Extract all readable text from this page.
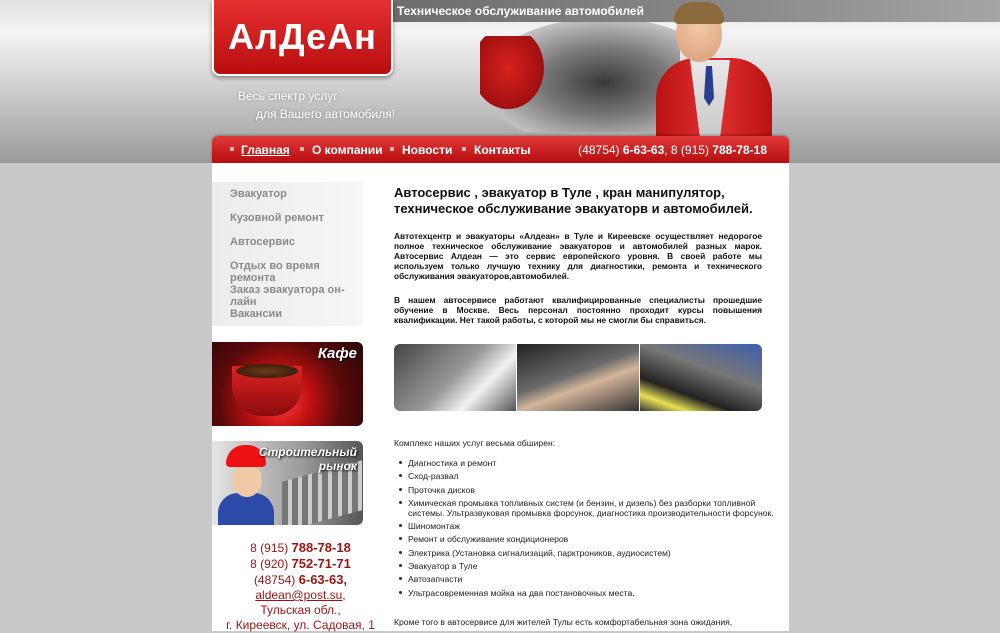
Техническое обслуживание автомобилей
АлДеАн
Весь спектр услуг
для Вашего автомобиля!
Главная О компании Новости Контакты	(48754) 6-63-63, 8 (915) 788-78-18
Эвакуатор
Кузовной ремонт
Автосервис
Отдых во время ремонта
Заказ эвакуатора он-лайн
Вакансии
Кафе
Строительный
рынок
8 (915) 788-78-18
8 (920) 752-71-71
(48754) 6-63-63,
aldean@post.su,
Тульская обл.,
г. Киреевск, ул. Садовая, 1

Автосервис , эвакуатор в Туле , кран манипулятор, техническое обслуживание эвакуаторв и автомобилей.

Автотехцентр и эвакуаторы «Алдеан» в Туле и Киреевске осуществляет недорогое полное техническое обслуживание эвакуаторов и автомобилей разных марок. Автосервис Алдеан — это сервис европейского уровня. В своей работе мы используем только лучшую технику для диагностики, ремонта и технического обслуживания эвакуаторов,автомобилей.

В нашем автосервисе работают квалифицированные специалисты прошедшие обучение в Москве. Весь персонал постоянно проходит курсы повышения квалификации. Нет такой работы, с которой мы не смогли бы справиться.

Комплекс наших услуг весьма обширен:
Диагностика и ремонт
Сход-развал
Проточка дисков
Химическая промывка топливных систем (и бензин, и дизель) без разборки топливной системы. Ультразвуковая промывка форсунок, диагностика производительности форсунок.
Шиномонтаж
Ремонт и обслуживание кондиционеров
Электрика (Установка сигнализаций, парктроников, аудиосистем)
Эвакуатор в Туле
Автозапчасти
Ультрасовременная мойка на два постановочных места.
Кроме того в автосервисе для жителей Тулы есть комфортабельная зона ожидания,
